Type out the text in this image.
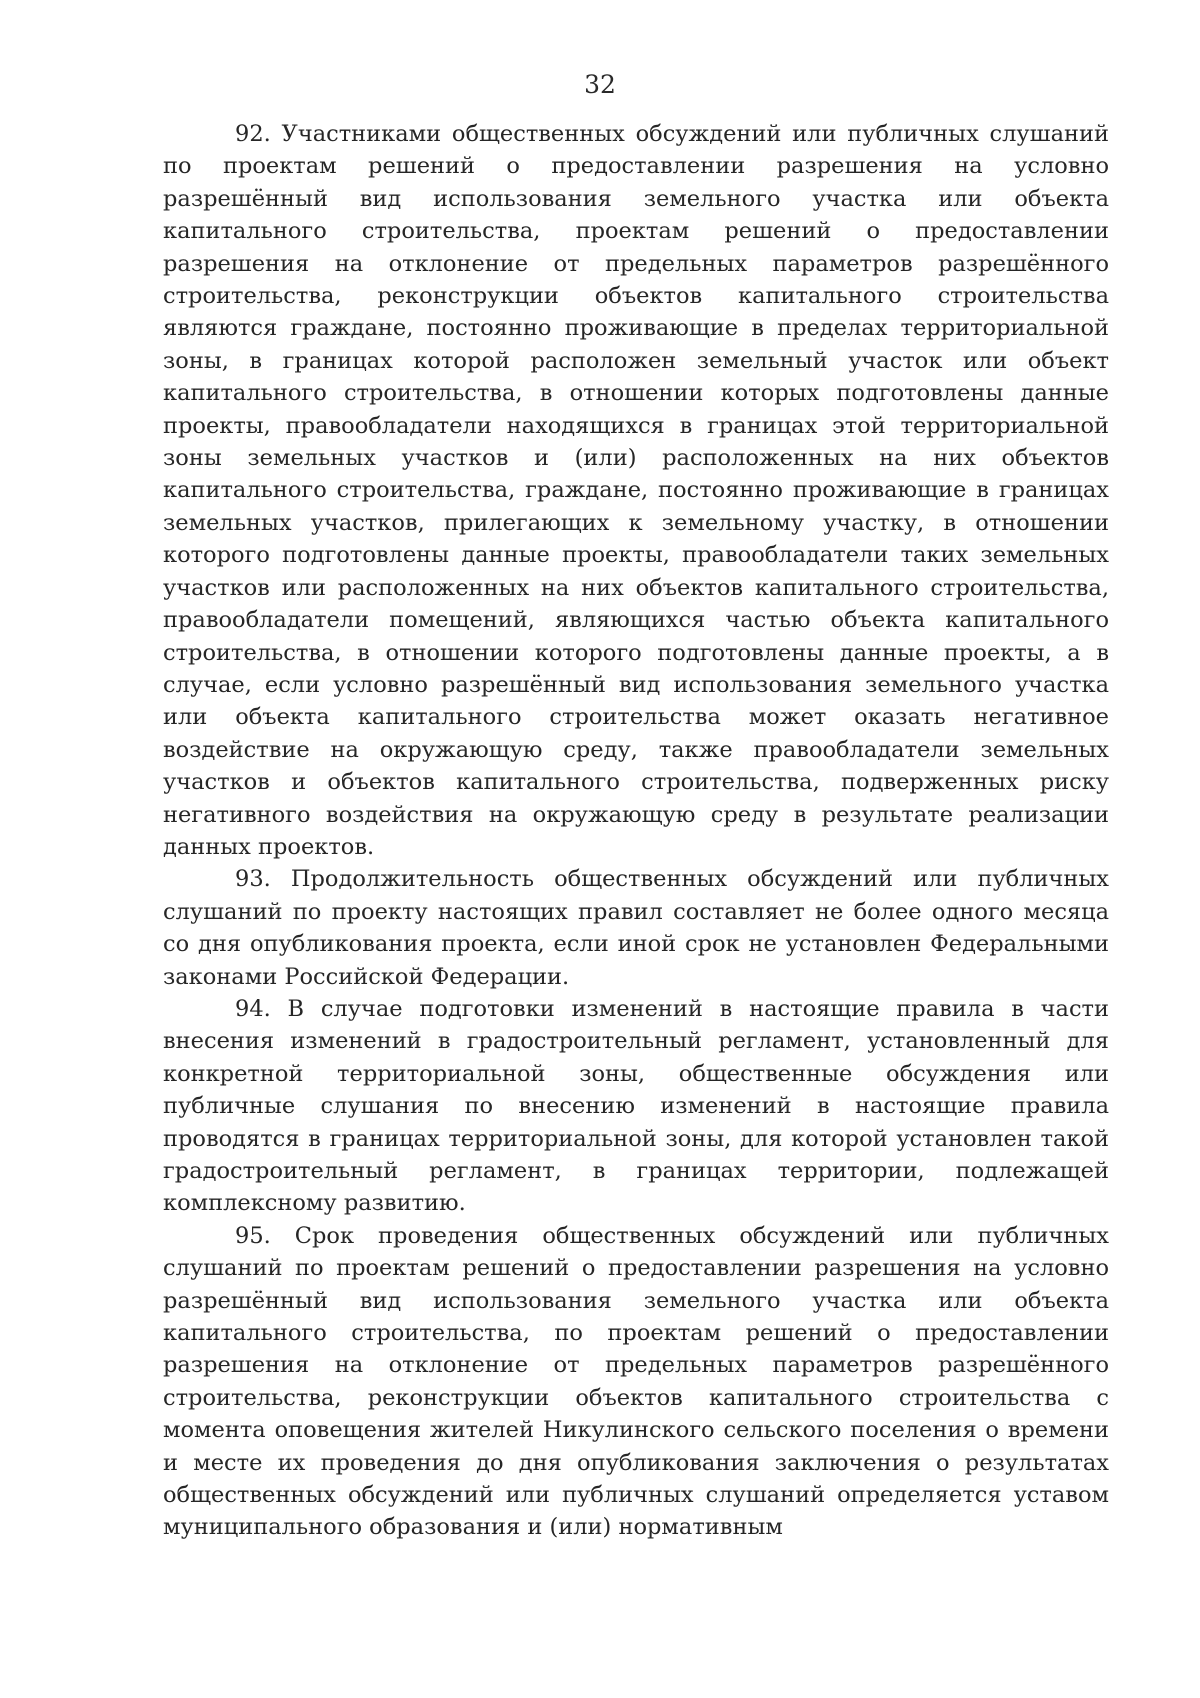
32

92. Участниками общественных обсуждений или публичных слушаний по проектам решений о предоставлении разрешения на условно разрешённый вид использования земельного участка или объекта капитального строительства, проектам решений о предоставлении разрешения на отклонение от предельных параметров разрешённого строительства, реконструкции объектов капитального строительства являются граждане, постоянно проживающие в пределах территориальной зоны, в границах которой расположен земельный участок или объект капитального строительства, в отношении которых подготовлены данные проекты, правообладатели находящихся в границах этой территориальной зоны земельных участков и (или) расположенных на них объектов капитального строительства, граждане, постоянно проживающие в границах земельных участков, прилегающих к земельному участку, в отношении которого подготовлены данные проекты, правообладатели таких земельных участков или расположенных на них объектов капитального строительства, правообладатели помещений, являющихся частью объекта капитального строительства, в отношении которого подготовлены данные проекты, а в случае, если условно разрешённый вид использования земельного участка или объекта капитального строительства может оказать негативное воздействие на окружающую среду, также правообладатели земельных участков и объектов капитального строительства, подверженных риску негативного воздействия на окружающую среду в результате реализации данных проектов.

93. Продолжительность общественных обсуждений или публичных слушаний по проекту настоящих правил составляет не более одного месяца со дня опубликования проекта, если иной срок не установлен Федеральными законами Российской Федерации.

94. В случае подготовки изменений в настоящие правила в части внесения изменений в градостроительный регламент, установленный для конкретной территориальной зоны, общественные обсуждения или публичные слушания по внесению изменений в настоящие правила проводятся в границах территориальной зоны, для которой установлен такой градостроительный регламент, в границах территории, подлежащей комплексному развитию.

95. Срок проведения общественных обсуждений или публичных слушаний по проектам решений о предоставлении разрешения на условно разрешённый вид использования земельного участка или объекта капитального строительства, по проектам решений о предоставлении разрешения на отклонение от предельных параметров разрешённого строительства, реконструкции объектов капитального строительства с момента оповещения жителей Никулинского сельского поселения о времени и месте их проведения до дня опубликования заключения о результатах общественных обсуждений или публичных слушаний определяется уставом муниципального образования и (или) нормативным
